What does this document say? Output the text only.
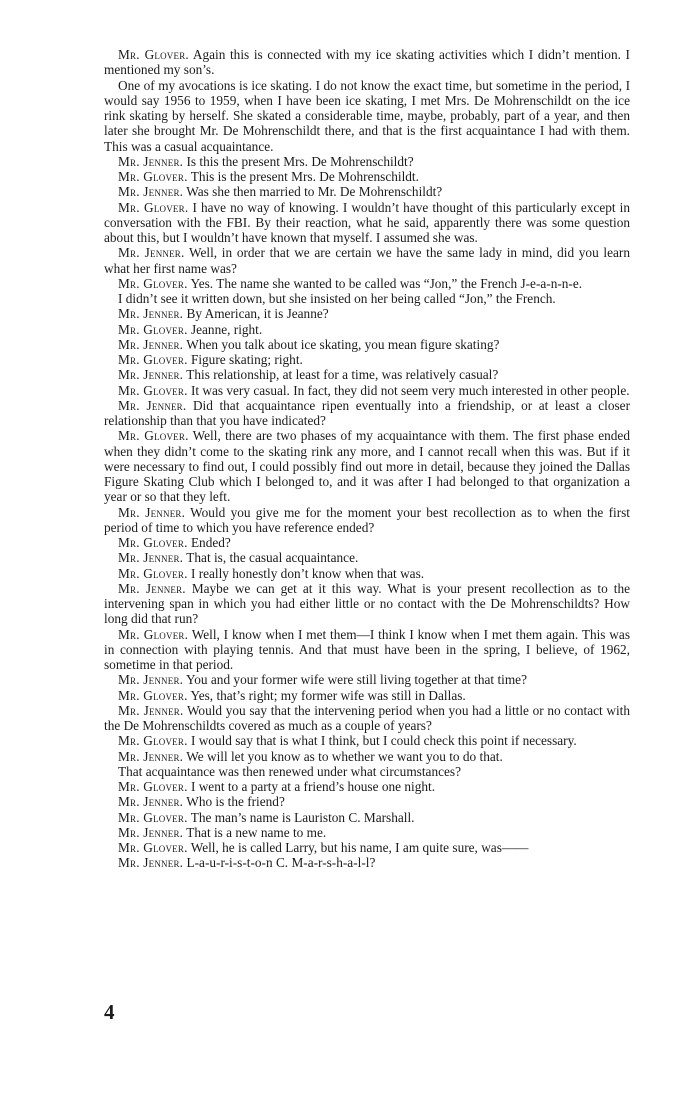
Mr. Glover. Again this is connected with my ice skating activities which I didn’t mention. I mentioned my son’s.

One of my avocations is ice skating. I do not know the exact time, but sometime in the period, I would say 1956 to 1959, when I have been ice skating, I met Mrs. De Mohrenschildt on the ice rink skating by herself. She skated a considerable time, maybe, probably, part of a year, and then later she brought Mr. De Mohrenschildt there, and that is the first acquaintance I had with them. This was a casual acquaintance.

Mr. Jenner. Is this the present Mrs. De Mohrenschildt?

Mr. Glover. This is the present Mrs. De Mohrenschildt.

Mr. Jenner. Was she then married to Mr. De Mohrenschildt?

Mr. Glover. I have no way of knowing. I wouldn’t have thought of this particularly except in conversation with the FBI. By their reaction, what he said, apparently there was some question about this, but I wouldn’t have known that myself. I assumed she was.

Mr. Jenner. Well, in order that we are certain we have the same lady in mind, did you learn what her first name was?

Mr. Glover. Yes. The name she wanted to be called was “Jon,” the French J-e-a-n-n-e.

I didn’t see it written down, but she insisted on her being called “Jon,” the French.

Mr. Jenner. By American, it is Jeanne?

Mr. Glover. Jeanne, right.

Mr. Jenner. When you talk about ice skating, you mean figure skating?

Mr. Glover. Figure skating; right.

Mr. Jenner. This relationship, at least for a time, was relatively casual?

Mr. Glover. It was very casual. In fact, they did not seem very much interested in other people.

Mr. Jenner. Did that acquaintance ripen eventually into a friendship, or at least a closer relationship than that you have indicated?

Mr. Glover. Well, there are two phases of my acquaintance with them. The first phase ended when they didn’t come to the skating rink any more, and I cannot recall when this was. But if it were necessary to find out, I could possibly find out more in detail, because they joined the Dallas Figure Skating Club which I belonged to, and it was after I had belonged to that organization a year or so that they left.

Mr. Jenner. Would you give me for the moment your best recollection as to when the first period of time to which you have reference ended?

Mr. Glover. Ended?

Mr. Jenner. That is, the casual acquaintance.

Mr. Glover. I really honestly don’t know when that was.

Mr. Jenner. Maybe we can get at it this way. What is your present recollection as to the intervening span in which you had either little or no contact with the De Mohrenschildts? How long did that run?

Mr. Glover. Well, I know when I met them—I think I know when I met them again. This was in connection with playing tennis. And that must have been in the spring, I believe, of 1962, sometime in that period.

Mr. Jenner. You and your former wife were still living together at that time?

Mr. Glover. Yes, that’s right; my former wife was still in Dallas.

Mr. Jenner. Would you say that the intervening period when you had a little or no contact with the De Mohrenschildts covered as much as a couple of years?

Mr. Glover. I would say that is what I think, but I could check this point if necessary.

Mr. Jenner. We will let you know as to whether we want you to do that.

That acquaintance was then renewed under what circumstances?

Mr. Glover. I went to a party at a friend’s house one night.

Mr. Jenner. Who is the friend?

Mr. Glover. The man’s name is Lauriston C. Marshall.

Mr. Jenner. That is a new name to me.

Mr. Glover. Well, he is called Larry, but his name, I am quite sure, was——

Mr. Jenner. L-a-u-r-i-s-t-o-n C. M-a-r-s-h-a-l-l?

4
